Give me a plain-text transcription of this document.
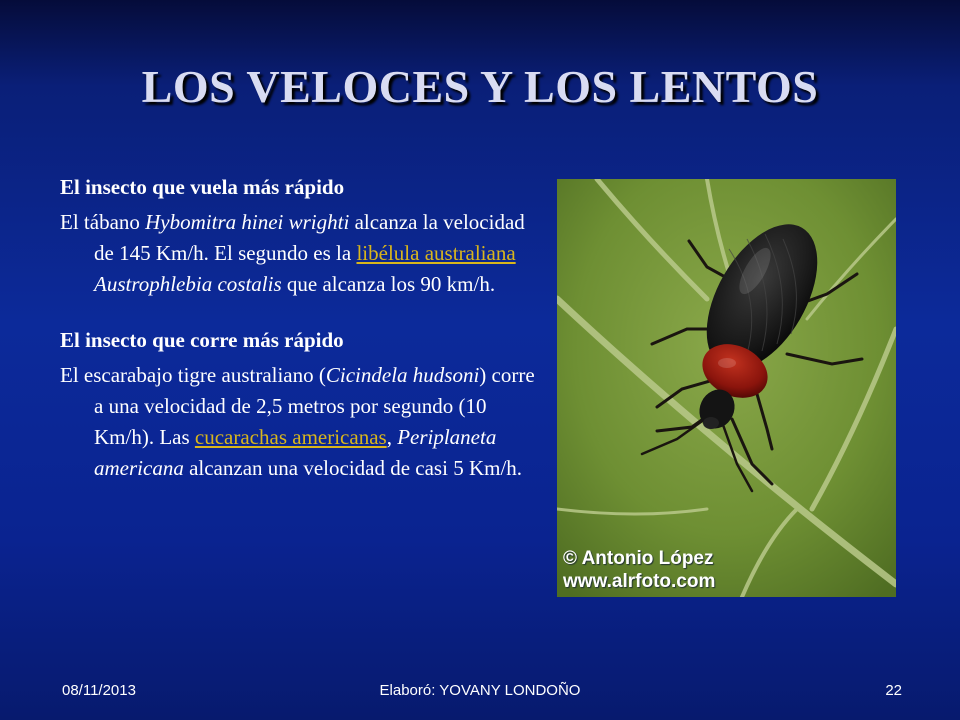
LOS VELOCES Y LOS LENTOS

El insecto que vuela más rápido

El tábano Hybomitra hinei wrighti alcanza la velocidad de 145 Km/h. El segundo es la libélula australiana Austrophlebia costalis que alcanza los 90 km/h.

El insecto que corre más rápido

El escarabajo tigre australiano (Cicindela hudsoni) corre a una velocidad de 2,5 metros por segundo (10 Km/h). Las cucarachas americanas, Periplaneta americana alcanzan una velocidad de casi 5 Km/h.

© Antonio López
www.alrfoto.com
08/11/2013	Elaboró: YOVANY LONDOÑO	22
